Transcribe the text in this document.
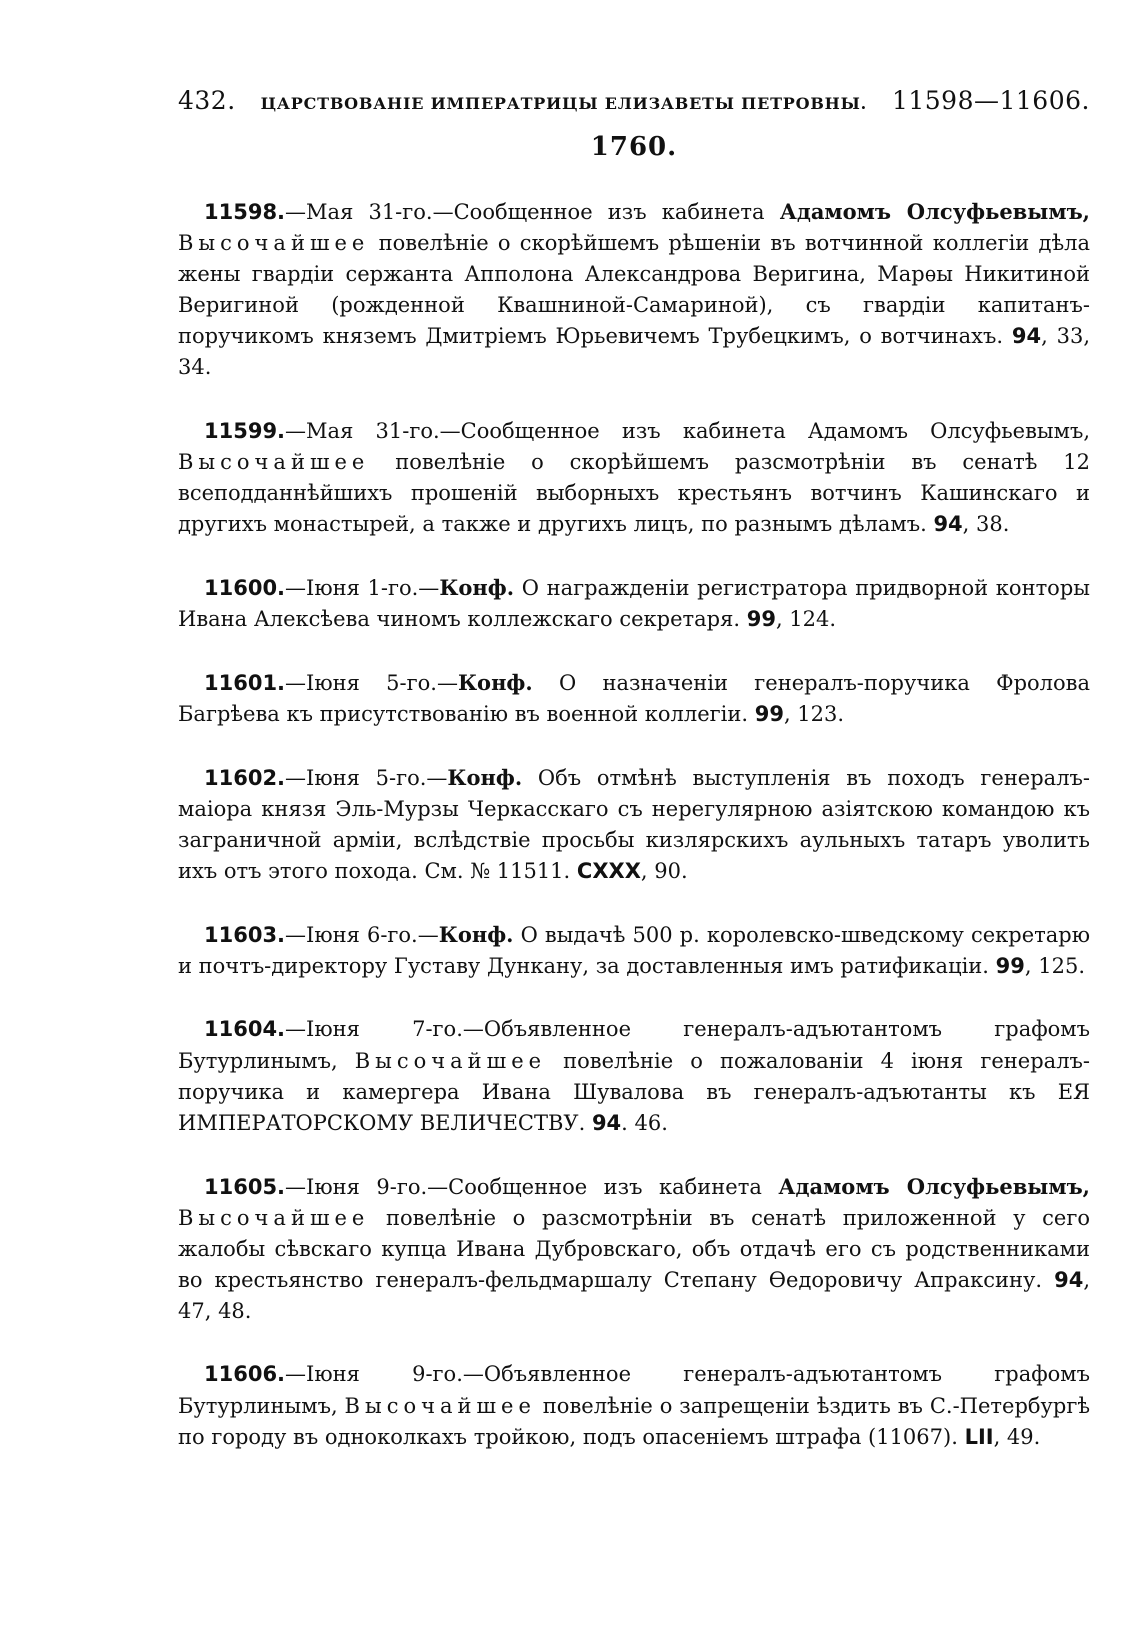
432. ЦАРСТВОВАНІЕ ИМПЕРАТРИЦЫ ЕЛИЗАВЕТЫ ПЕТРОВНЫ. 11598—11606.
1760.
11598.—Мая 31-го.—Сообщенное изъ кабинета Адамомъ Олсуфьевымъ, Высочайшее повелѣніе о скорѣйшемъ рѣшеніи въ вотчинной коллегіи дѣла жены гвардіи сержанта Апполона Александрова Веригина, Марѳы Никитиной Веригиной (рожденной Квашниной-Самариной), съ гвардіи капитанъ-поручикомъ княземъ Дмитріемъ Юрьевичемъ Трубецкимъ, о вотчинахъ. 94, 33, 34.
11599.—Мая 31-го.—Сообщенное изъ кабинета Адамомъ Олсуфьевымъ, Высочайшее повелѣніе о скорѣйшемъ разсмотрѣніи въ сенатѣ 12 всеподданнѣйшихъ прошеній выборныхъ крестьянъ вотчинъ Кашинскаго и другихъ монастырей, а также и другихъ лицъ, по разнымъ дѣламъ. 94, 38.
11600.—Іюня 1-го.—Конф. О награжденіи регистратора придворной конторы Ивана Алексѣева чиномъ коллежскаго секретаря. 99, 124.
11601.—Іюня 5-го.—Конф. О назначеніи генералъ-поручика Фролова Багрѣева къ присутствованію въ военной коллегіи. 99, 123.
11602.—Іюня 5-го.—Конф. Объ отмѣнѣ выступленія въ походъ генералъ-маіора князя Эль-Мурзы Черкасскаго съ нерегулярною азіятскою командою къ заграничной арміи, вслѣдствіе просьбы кизлярскихъ аульныхъ татаръ уволить ихъ отъ этого похода. См. № 11511. CXXX, 90.
11603.—Іюня 6-го.—Конф. О выдачѣ 500 р. королевско-шведскому секретарю и почтъ-директору Густаву Дункану, за доставленныя имъ ратификаціи. 99, 125.
11604.—Іюня 7-го.—Объявленное генералъ-адъютантомъ графомъ Бутурлинымъ, Высочайшее повелѣніе о пожалованіи 4 іюня генералъ-поручика и камергера Ивана Шувалова въ генералъ-адъютанты къ ЕЯ ИМПЕРАТОРСКОМУ ВЕЛИЧЕСТВУ. 94. 46.
11605.—Іюня 9-го.—Сообщенное изъ кабинета Адамомъ Олсуфьевымъ, Высочайшее повелѣніе о разсмотрѣніи въ сенатѣ приложенной у сего жалобы сѣвскаго купца Ивана Дубровскаго, объ отдачѣ его съ родственниками во крестьянство генералъ-фельдмаршалу Степану Ѳедоровичу Апраксину. 94, 47, 48.
11606.—Іюня 9-го.—Объявленное генералъ-адъютантомъ графомъ Бутурлинымъ, Высочайшее повелѣніе о запрещеніи ѣздить въ С.-Петербургѣ по городу въ одноколкахъ тройкою, подъ опасеніемъ штрафа (11067). LII, 49.
